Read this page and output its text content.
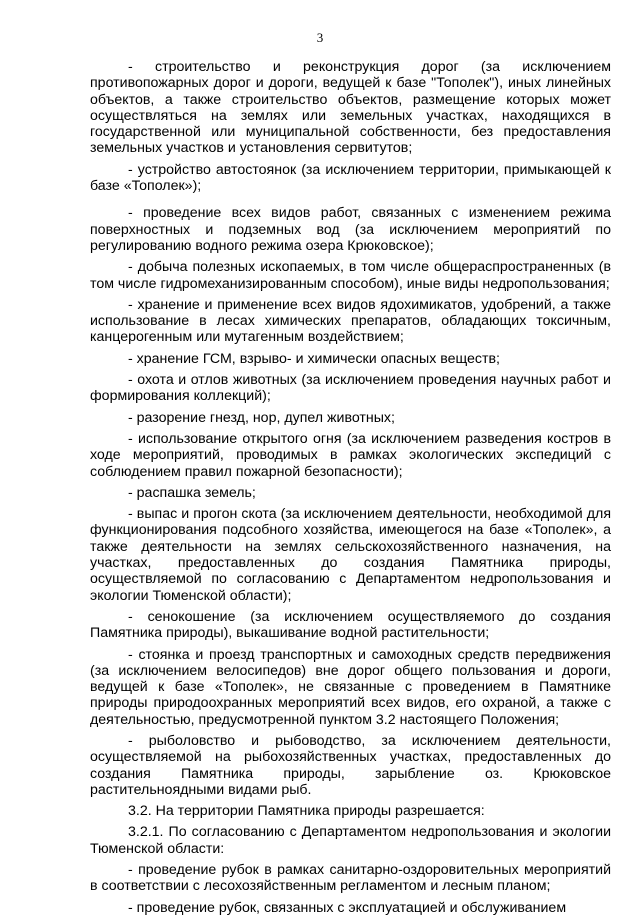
3

- строительство и реконструкция дорог (за исключением противопожарных дорог и дороги, ведущей к базе "Тополек"), иных линейных объектов, а также строительство объектов, размещение которых может осуществляться на землях или земельных участках, находящихся в государственной или муниципальной собственности, без предоставления земельных участков и установления сервитутов;

- устройство автостоянок (за исключением территории, примыкающей к базе «Тополек»);

- проведение всех видов работ, связанных с изменением режима поверхностных и подземных вод (за исключением мероприятий по регулированию водного режима озера Крюковское);

- добыча полезных ископаемых, в том числе общераспространенных (в том числе гидромеханизированным способом), иные виды недропользования;

- хранение и применение всех видов ядохимикатов, удобрений, а также использование в лесах химических препаратов, обладающих токсичным, канцерогенным или мутагенным воздействием;

- хранение ГСМ, взрыво- и химически опасных веществ;

- охота и отлов животных (за исключением проведения научных работ и формирования коллекций);

- разорение гнезд, нор, дупел животных;

- использование открытого огня (за исключением разведения костров в ходе мероприятий, проводимых в рамках экологических экспедиций с соблюдением правил пожарной безопасности);

- распашка земель;

- выпас и прогон скота (за исключением деятельности, необходимой для функционирования подсобного хозяйства, имеющегося на базе «Тополек», а также деятельности на землях сельскохозяйственного назначения, на участках, предоставленных до создания Памятника природы, осуществляемой по согласованию с Департаментом недропользования и экологии Тюменской области);

- сенокошение (за исключением осуществляемого до создания Памятника природы), выкашивание водной растительности;

- стоянка и проезд транспортных и самоходных средств передвижения (за исключением велосипедов) вне дорог общего пользования и дороги, ведущей к базе «Тополек», не связанные с проведением в Памятнике природы природоохранных мероприятий всех видов, его охраной, а также с деятельностью, предусмотренной пунктом 3.2 настоящего Положения;

- рыболовство и рыбоводство, за исключением деятельности, осуществляемой на рыбохозяйственных участках, предоставленных до создания Памятника природы, зарыбление оз. Крюковское растительноядными видами рыб.

3.2. На территории Памятника природы разрешается:

3.2.1. По согласованию с Департаментом недропользования и экологии Тюменской области:

- проведение рубок в рамках санитарно-оздоровительных мероприятий в соответствии с лесохозяйственным регламентом и лесным планом;

- проведение рубок, связанных с эксплуатацией и обслуживанием
